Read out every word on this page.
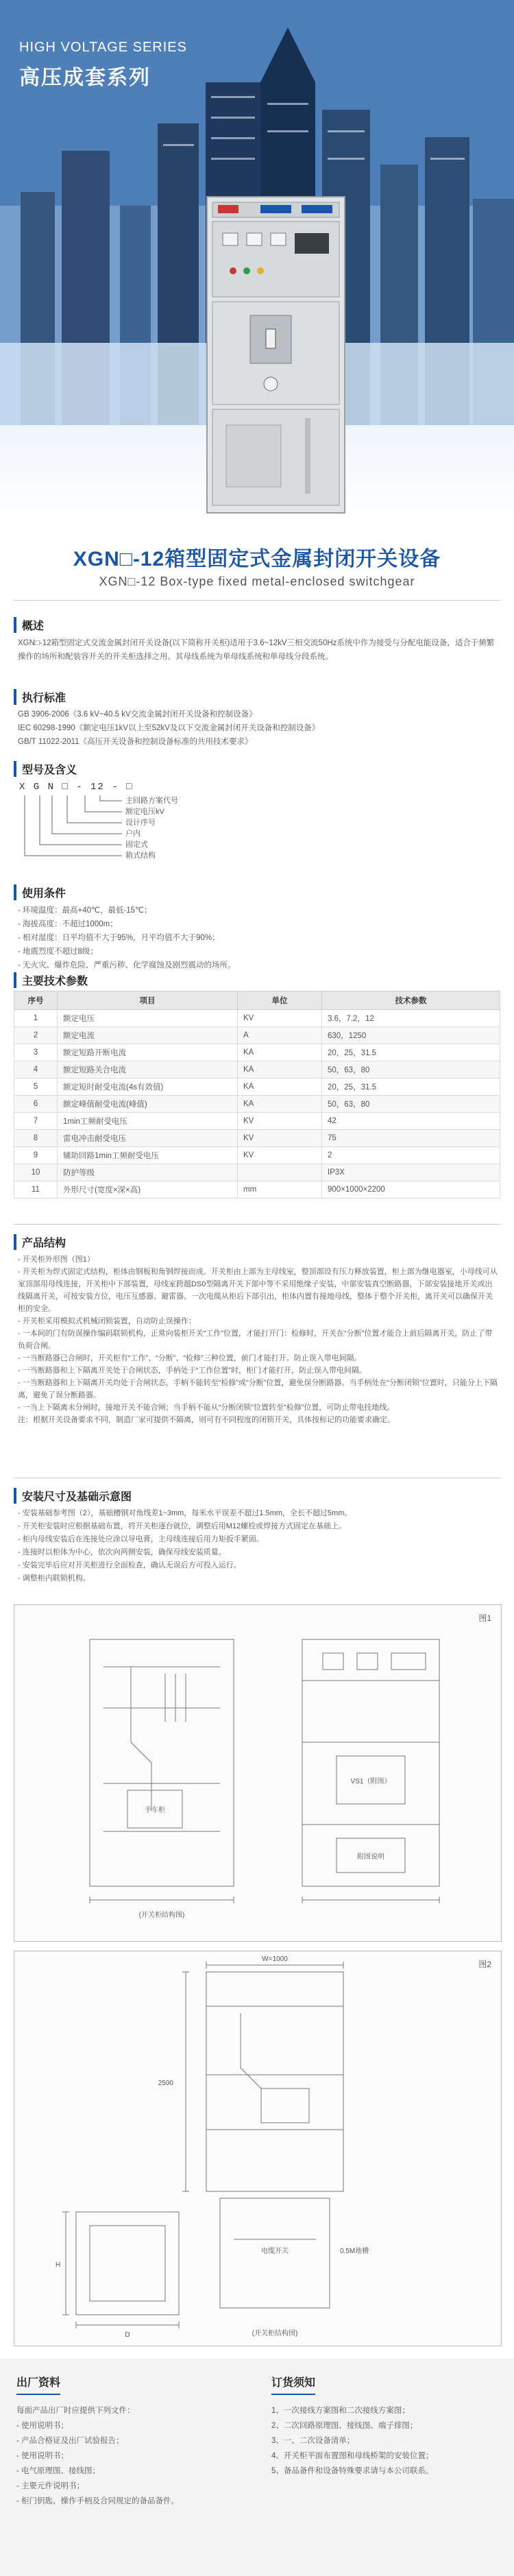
HIGH VOLTAGE SERIES
高压成套系列
XGN□-12箱型固定式金属封闭开关设备
XGN□-12 Box-type fixed metal-enclosed switchgear
概述

XGN□-12箱型固定式交流金属封闭开关设备(以下简称开关柜)适用于3.6~12kV三相交流50Hz系统中作为接受与分配电能设备，适合于频繁操作的场所和配装容开关的开关柜选择之用。其母线系统为单母线系统和单母线分段系统。

执行标准

GB 3906-2006《3.6 kV~40.5 kV交流金属封闭开关设备和控制设备》

IEC 60298-1990《额定电压1kV以上至52kV及以下交流金属封闭开关设备和控制设备》

GB/T 11022-2011《高压开关设备和控制设备标准的共用技术要求》

型号及含义
X G N □ - 12 - □
主回路方案代号
额定电压kV
设计序号
户内
固定式
箱式结构
使用条件

- 环境温度：最高+40℃，最低-15℃；

- 海拔高度：不超过1000m；

- 相对湿度：日平均值不大于95%，月平均值不大于90%；

- 地震烈度不超过8级；

- 无火灾、爆炸危险、严重污秽、化学腐蚀及剧烈震动的场所。

主要技术参数
序号	项目	单位	技术参数
1	额定电压	KV	3.6，7.2，12
2	额定电流	A	630，1250
3	额定短路开断电流	KA	20，25，31.5
4	额定短路关合电流	KA	50，63，80
5	额定短时耐受电流(4s有效值)	KA	20，25，31.5
6	额定峰值耐受电流(峰值)	KA	50，63，80
7	1min工频耐受电压	KV	42
8	雷电冲击耐受电压	KV	75
9	辅助回路1min工频耐受电压	KV	2
10	防护等级		IP3X
11	外形尺寸(宽度×深×高)	mm	900×1000×2200
产品结构

- 开关柜外形图（图1）

- 开关柜为焊式固定式结构，柜体由钢板和角钢焊接而成。开关柜由上部为主母线室，整顶部设有压力释放装置，柜上部为继电器室，小母线可从室顶部用母线连接，开关柜中下部装置，母线室跨越DS0型隔离开关下部中等不采用绝缘子安装，中部安装真空断路器，下部安装接地开关或出线隔离开关，可按安装方位，电压互感器、避雷器、一次电缆从柜后下部引出，柜体内置有接地母线，整体于整个开关柜，离开关可以确保开关柜的安全。

- 开关柜采用模拟式机械闭锁装置，自动防止误操作：

- 一本间的门有防误操作编码联锁机构，正常向装柜开关“工作”位置，才能打开门：检修时，开关在“分断”位置才能合上前后隔离开关，防止了带负荷合闸。

- 一当断路器已合闸时，开关柜有“工作”、“分断”、“检修”三种位置，前门才能打开。防止误入带电间隔。

- 一当断路器和上下隔离开关处于合闸状态，手柄处于“工作位置”时，柜门才能打开，防止误入带电间隔。

- 一当断路器和上下隔离开关均处于合闸状态，手柄不能转至“检修”或“分断”位置，避免误分断路器。当手柄处在“分断闭锁”位置时，只能分上下隔离，避免了误分断路器。

- 一当上下隔离未分闸时，接地开关不能合闸；当手柄不能从“分断闭锁”位置转至“检修”位置，可防止带电挂地线。

注：根据开关设备要求不同，制造厂家可提供不隔离，则可有不同程度的闭锁开关，具体按标记的功能要求确定。

安装尺寸及基础示意图

- 安装基础参考图（2），基础槽钢对角线差1~3mm，每米水平误差不超过1.5mm，全长不超过5mm。

- 开关柜安装时应根据基础布置，将开关柜逐台就位，调整后用M12螺栓或焊接方式固定在基础上。

- 柜内母线安装后在连接处应涂以导电膏，主母线连接后用力矩扳手紧固。

- 连接时以柜体为中心，依次向两侧安装，确保母线安装质量。

- 安装完毕后应对开关柜进行全面检查，确认无误后方可投入运行。

- 调整柜内联锁机构。

图1
手车柜
VS1（附图）
附图说明
(开关柜结构图)
图2
W=1000
D
H
2500
电缆开关	0.5M地槽
(开关柜结构图)
出厂资料
每面产品出厂时应提供下列文件：
- 使用说明书；
- 产品合格证及出厂试验报告；
- 使用说明书；
- 电气原理图、接线图；
- 主要元件说明书；
- 柜门钥匙、操作手柄及合同规定的备品备件。
订货须知
1、一次接线方案图和二次接线方案图；
2、二次回路原理图、接线图、端子排图；
3、一、二次设备清单；
4、开关柜平面布置图和母线桥架的安装位置；
5、备品备件和设备特殊要求请与本公司联系。
